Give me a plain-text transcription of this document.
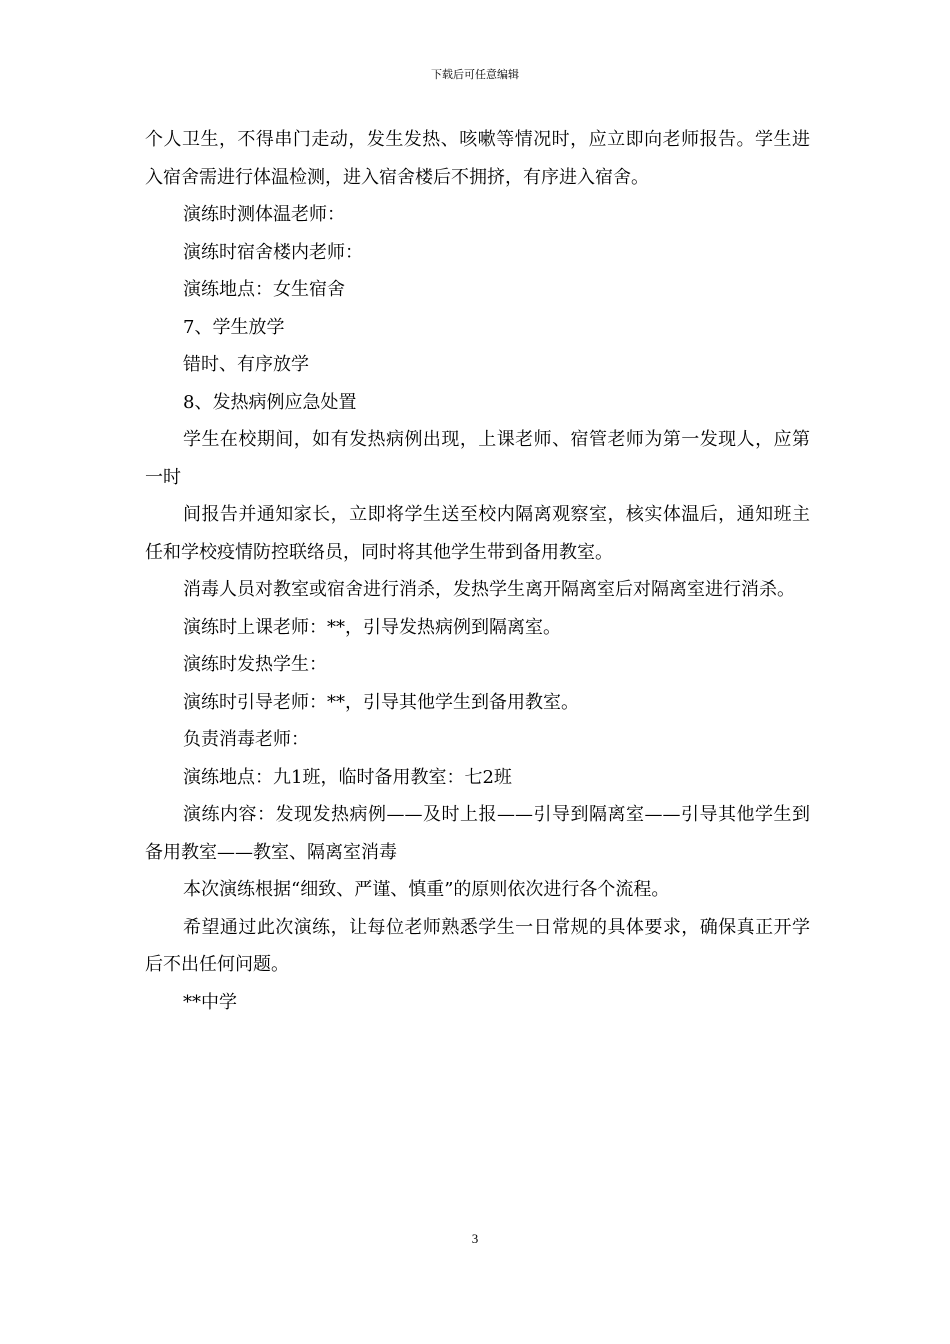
下载后可任意编辑

个人卫生，不得串门走动，发生发热、咳嗽等情况时，应立即向老师报告。学生进入宿舍需进行体温检测，进入宿舍楼后不拥挤，有序进入宿舍。

演练时测体温老师：

演练时宿舍楼内老师：

演练地点：女生宿舍

7、学生放学

错时、有序放学

8、发热病例应急处置

学生在校期间，如有发热病例出现，上课老师、宿管老师为第一发现人，应第一时

间报告并通知家长，立即将学生送至校内隔离观察室，核实体温后，通知班主任和学校疫情防控联络员，同时将其他学生带到备用教室。

消毒人员对教室或宿舍进行消杀，发热学生离开隔离室后对隔离室进行消杀。

演练时上课老师：**，引导发热病例到隔离室。

演练时发热学生：

演练时引导老师：**，引导其他学生到备用教室。

负责消毒老师：

演练地点：九1班，临时备用教室：七2班

演练内容：发现发热病例——及时上报——引导到隔离室——引导其他学生到备用教室——教室、隔离室消毒

本次演练根据“细致、严谨、慎重”的原则依次进行各个流程。

希望通过此次演练，让每位老师熟悉学生一日常规的具体要求，确保真正开学后不出任何问题。

**中学

3
